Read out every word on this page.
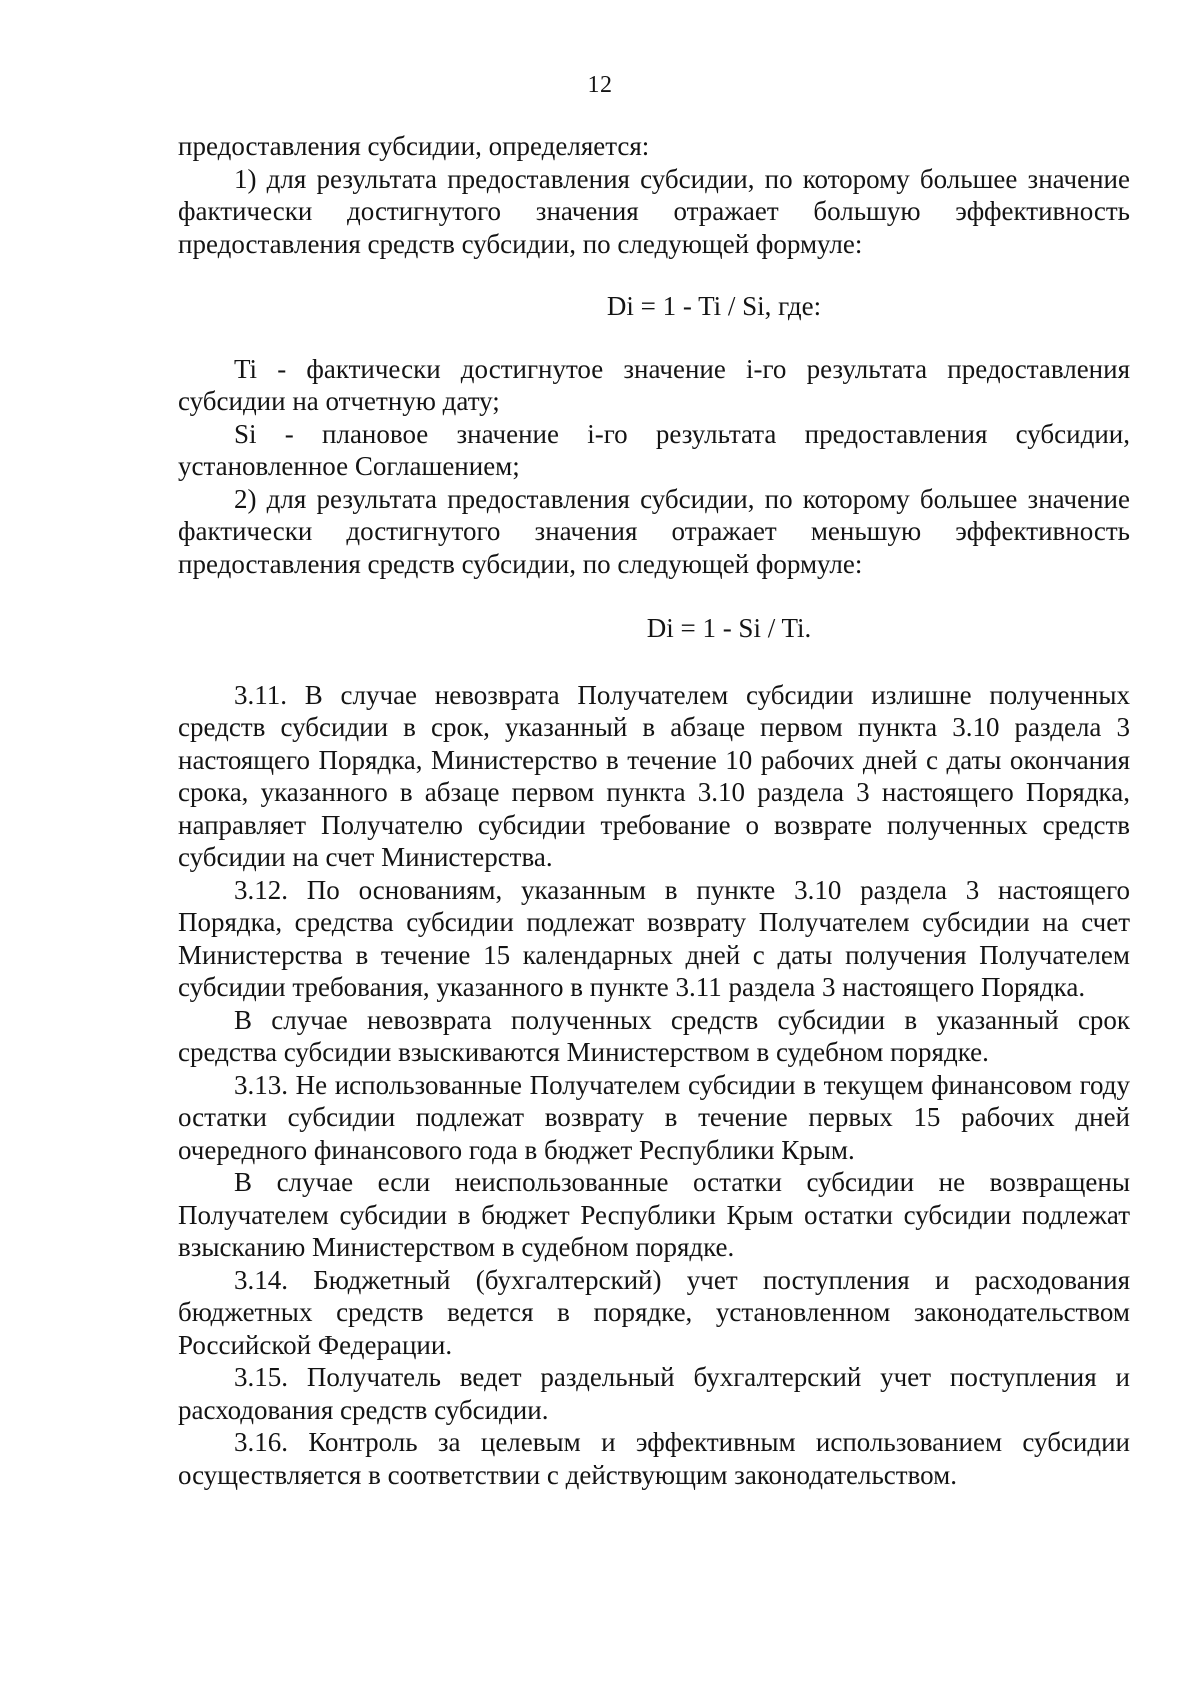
12

предоставления субсидии, определяется:

1) для результата предоставления субсидии, по которому большее значение фактически достигнутого значения отражает большую эффективность предоставления средств субсидии, по следующей формуле:

Di = 1 - Ti / Si, где:

Ti - фактически достигнутое значение i-го результата предоставления субсидии на отчетную дату;

Si - плановое значение i-го результата предоставления субсидии, установленное Соглашением;

2) для результата предоставления субсидии, по которому большее значение фактически достигнутого значения отражает меньшую эффективность предоставления средств субсидии, по следующей формуле:

Di = 1 - Si / Ti.

3.11. В случае невозврата Получателем субсидии излишне полученных средств субсидии в срок, указанный в абзаце первом пункта 3.10 раздела 3 настоящего Порядка, Министерство в течение 10 рабочих дней с даты окончания срока, указанного в абзаце первом пункта 3.10 раздела 3 настоящего Порядка, направляет Получателю субсидии требование о возврате полученных средств субсидии на счет Министерства.

3.12. По основаниям, указанным в пункте 3.10 раздела 3 настоящего Порядка, средства субсидии подлежат возврату Получателем субсидии на счет Министерства в течение 15 календарных дней с даты получения Получателем субсидии требования, указанного в пункте 3.11 раздела 3 настоящего Порядка.

В случае невозврата полученных средств субсидии в указанный срок средства субсидии взыскиваются Министерством в судебном порядке.

3.13. Не использованные Получателем субсидии в текущем финансовом году остатки субсидии подлежат возврату в течение первых 15 рабочих дней очередного финансового года в бюджет Республики Крым.

В случае если неиспользованные остатки субсидии не возвращены Получателем субсидии в бюджет Республики Крым остатки субсидии подлежат взысканию Министерством в судебном порядке.

3.14. Бюджетный (бухгалтерский) учет поступления и расходования бюджетных средств ведется в порядке, установленном законодательством Российской Федерации.

3.15. Получатель ведет раздельный бухгалтерский учет поступления и расходования средств субсидии.

3.16. Контроль за целевым и эффективным использованием субсидии осуществляется в соответствии с действующим законодательством.
